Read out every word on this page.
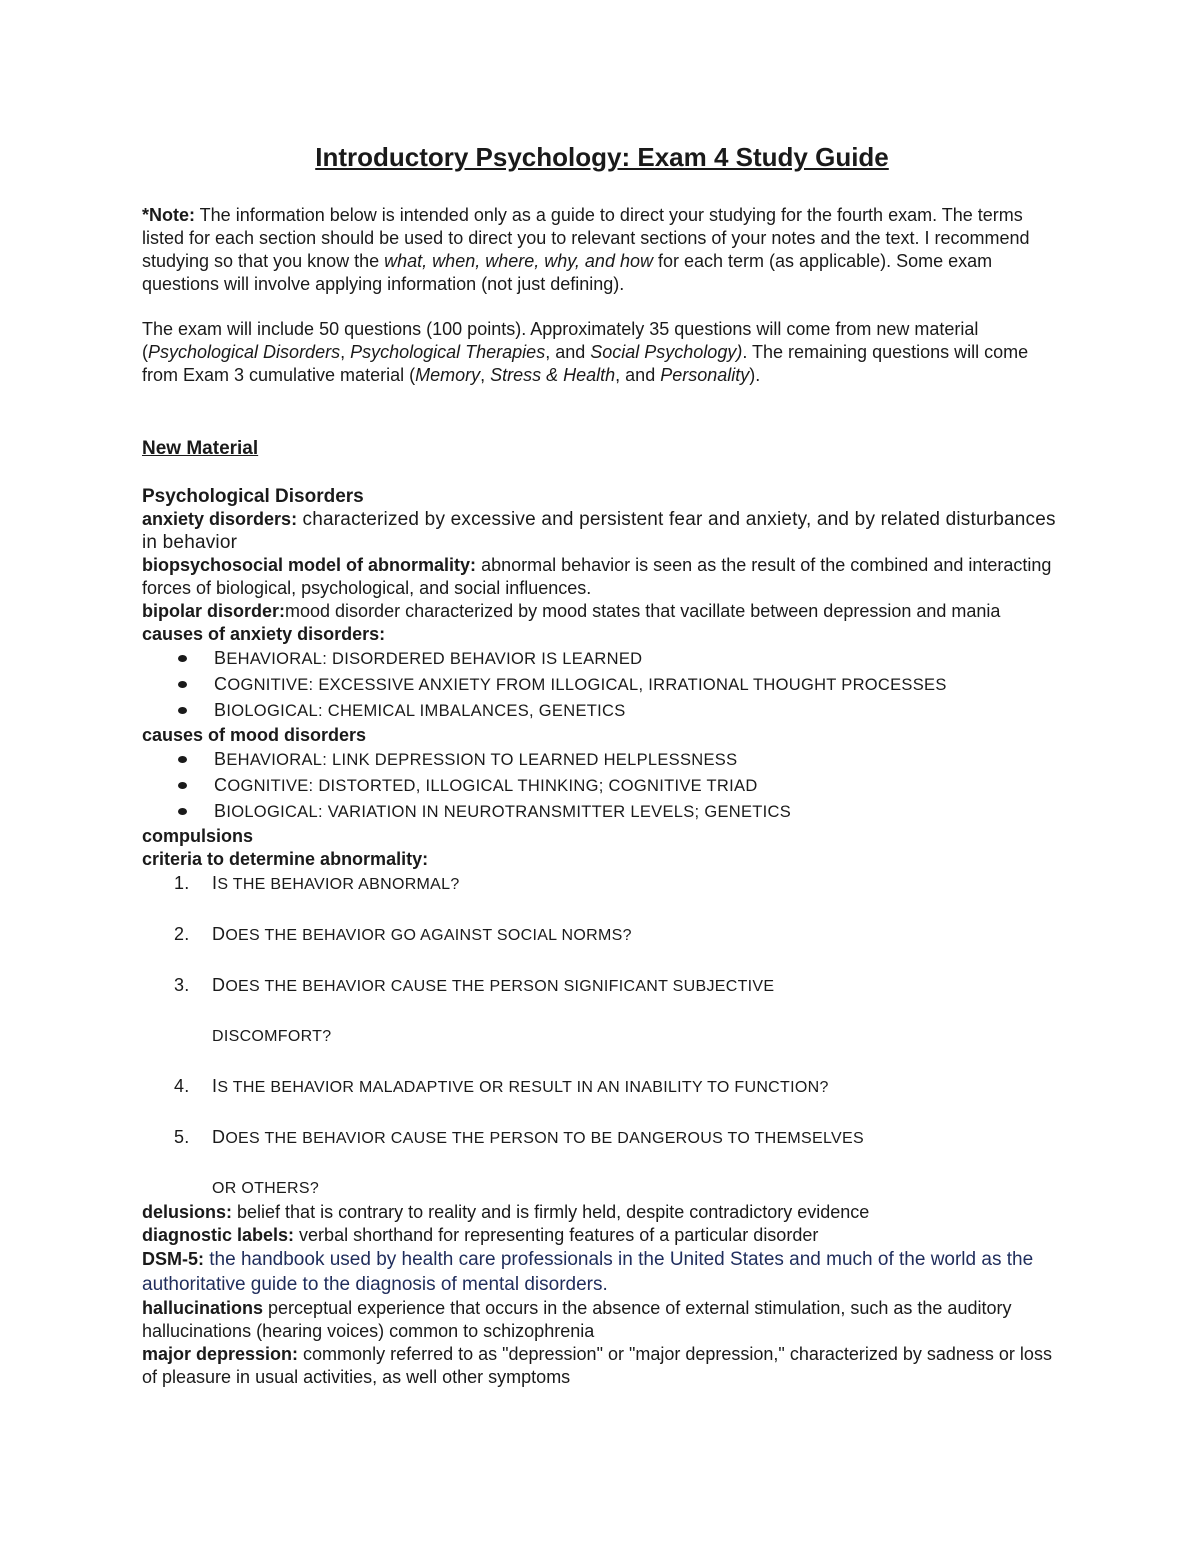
Introductory Psychology: Exam 4 Study Guide

*Note: The information below is intended only as a guide to direct your studying for the fourth exam. The terms listed for each section should be used to direct you to relevant sections of your notes and the text. I recommend studying so that you know the what, when, where, why, and how for each term (as applicable). Some exam questions will involve applying information (not just defining).

The exam will include 50 questions (100 points). Approximately 35 questions will come from new material (Psychological Disorders, Psychological Therapies, and Social Psychology). The remaining questions will come from Exam 3 cumulative material (Memory, Stress & Health, and Personality).

New Material
Psychological Disorders

anxiety disorders: characterized by excessive and persistent fear and anxiety, and by related disturbances in behavior

biopsychosocial model of abnormality: abnormal behavior is seen as the result of the combined and interacting forces of biological, psychological, and social influences.

bipolar disorder:mood disorder characterized by mood states that vacillate between depression and mania

causes of anxiety disorders:

BEHAVIORAL: DISORDERED BEHAVIOR IS LEARNED
COGNITIVE: EXCESSIVE ANXIETY FROM ILLOGICAL, IRRATIONAL THOUGHT PROCESSES
BIOLOGICAL: CHEMICAL IMBALANCES, GENETICS

causes of mood disorders

BEHAVIORAL: LINK DEPRESSION TO LEARNED HELPLESSNESS
COGNITIVE: DISTORTED, ILLOGICAL THINKING; COGNITIVE TRIAD
BIOLOGICAL: VARIATION IN NEUROTRANSMITTER LEVELS; GENETICS

compulsions

criteria to determine abnormality:

1. IS THE BEHAVIOR ABNORMAL?
2. DOES THE BEHAVIOR GO AGAINST SOCIAL NORMS?
3. DOES THE BEHAVIOR CAUSE THE PERSON SIGNIFICANT SUBJECTIVE
DISCOMFORT?
4. IS THE BEHAVIOR MALADAPTIVE OR RESULT IN AN INABILITY TO FUNCTION?
5. DOES THE BEHAVIOR CAUSE THE PERSON TO BE DANGEROUS TO THEMSELVES
OR OTHERS?

delusions: belief that is contrary to reality and is firmly held, despite contradictory evidence

diagnostic labels: verbal shorthand for representing features of a particular disorder

DSM-5: the handbook used by health care professionals in the United States and much of the world as the authoritative guide to the diagnosis of mental disorders.

hallucinations perceptual experience that occurs in the absence of external stimulation, such as the auditory hallucinations (hearing voices) common to schizophrenia

major depression: commonly referred to as "depression" or "major depression," characterized by sadness or loss of pleasure in usual activities, as well other symptoms
